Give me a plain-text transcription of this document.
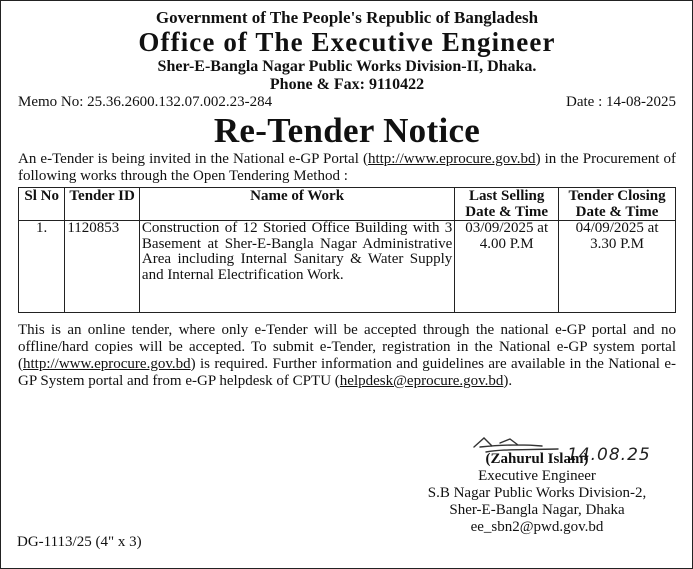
Government of The People's Republic of Bangladesh
Office of The Executive Engineer
Sher-E-Bangla Nagar Public Works Division-II, Dhaka.
Phone & Fax: 9110422
Memo No: 25.36.2600.132.07.002.23-284	Date : 14-08-2025
Re-Tender Notice

An e-Tender is being invited in the National e-GP Portal (http://www.eprocure.gov.bd) in the Procurement of following works through the Open Tendering Method :

Sl No	Tender ID	Name of Work	Last Selling Date & Time	Tender Closing Date & Time
1.	1120853	Construction of 12 Storied Office Building with 3 Basement at Sher-E-Bangla Nagar Administrative Area including Internal Sanitary & Water Supply and Internal Electrification Work.	03/09/2025 at 4.00 P.M	04/09/2025 at 3.30 P.M

This is an online tender, where only e-Tender will be accepted through the national e-GP portal and no offline/hard copies will be accepted. To submit e-Tender, registration in the National e-GP system portal (http://www.eprocure.gov.bd) is required. Further information and guidelines are available in the National e-GP System portal and from e-GP helpdesk of CPTU (helpdesk@eprocure.gov.bd).

14.08.25
(Zahurul Islam)
Executive Engineer
S.B Nagar Public Works Division-2,
Sher-E-Bangla Nagar, Dhaka
ee_sbn2@pwd.gov.bd
DG-1113/25 (4" x 3)
